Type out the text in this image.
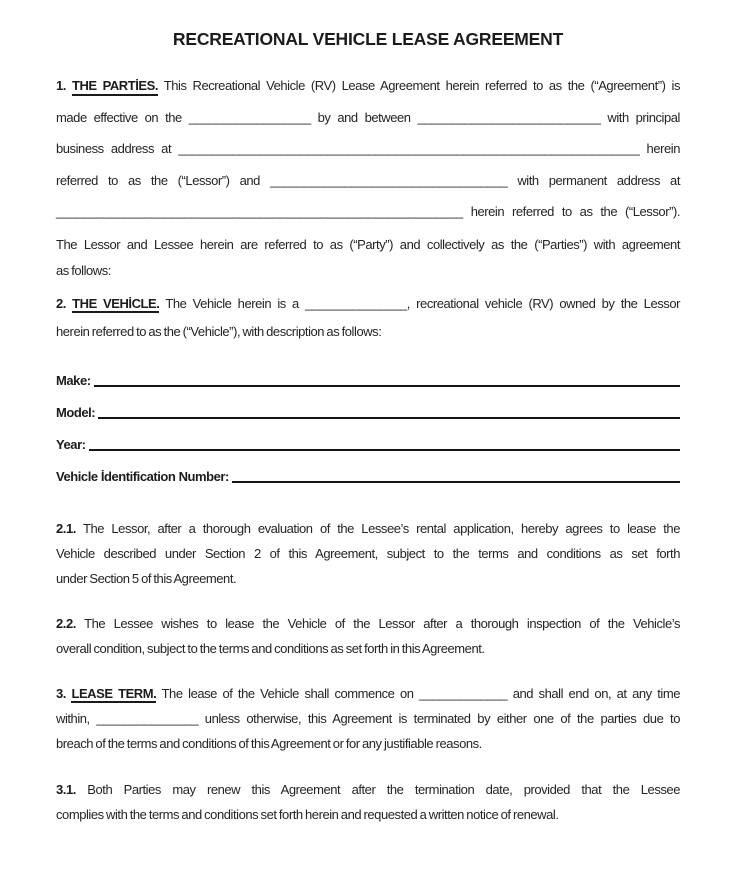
RECREATIONAL VEHICLE LEASE AGREEMENT
1. THE PARTİES. This Recreational Vehicle (RV) Lease Agreement herein referred to as the (“Agreement”) is
made effective on the __________________ by and between ___________________________ with principal
business address at ____________________________________________________________________ herein
referred to as the (“Lessor”) and ___________________________________ with permanent address at
____________________________________________________________ herein referred to as the (“Lessor”).
The Lessor and Lessee herein are referred to as (“Party”) and collectively as the (“Parties”) with agreement
as follows:
2. THE VEHİCLE. The Vehicle herein is a _______________, recreational vehicle (RV) owned by the Lessor
herein referred to as the (“Vehicle”), with description as follows:
Make:
Model:
Year:
Vehicle İdentification Number:
2.1. The Lessor, after a thorough evaluation of the Lessee’s rental application, hereby agrees to lease the
Vehicle described under Section 2 of this Agreement, subject to the terms and conditions as set forth
under Section 5 of this Agreement.
2.2. The Lessee wishes to lease the Vehicle of the Lessor after a thorough inspection of the Vehicle’s
overall condition, subject to the terms and conditions as set forth in this Agreement.
3. LEASE TERM. The lease of the Vehicle shall commence on _____________ and shall end on, at any time
within, _______________ unless otherwise, this Agreement is terminated by either one of the parties due to
breach of the terms and conditions of this Agreement or for any justifiable reasons.
3.1. Both Parties may renew this Agreement after the termination date, provided that the Lessee
complies with the terms and conditions set forth herein and requested a written notice of renewal.
